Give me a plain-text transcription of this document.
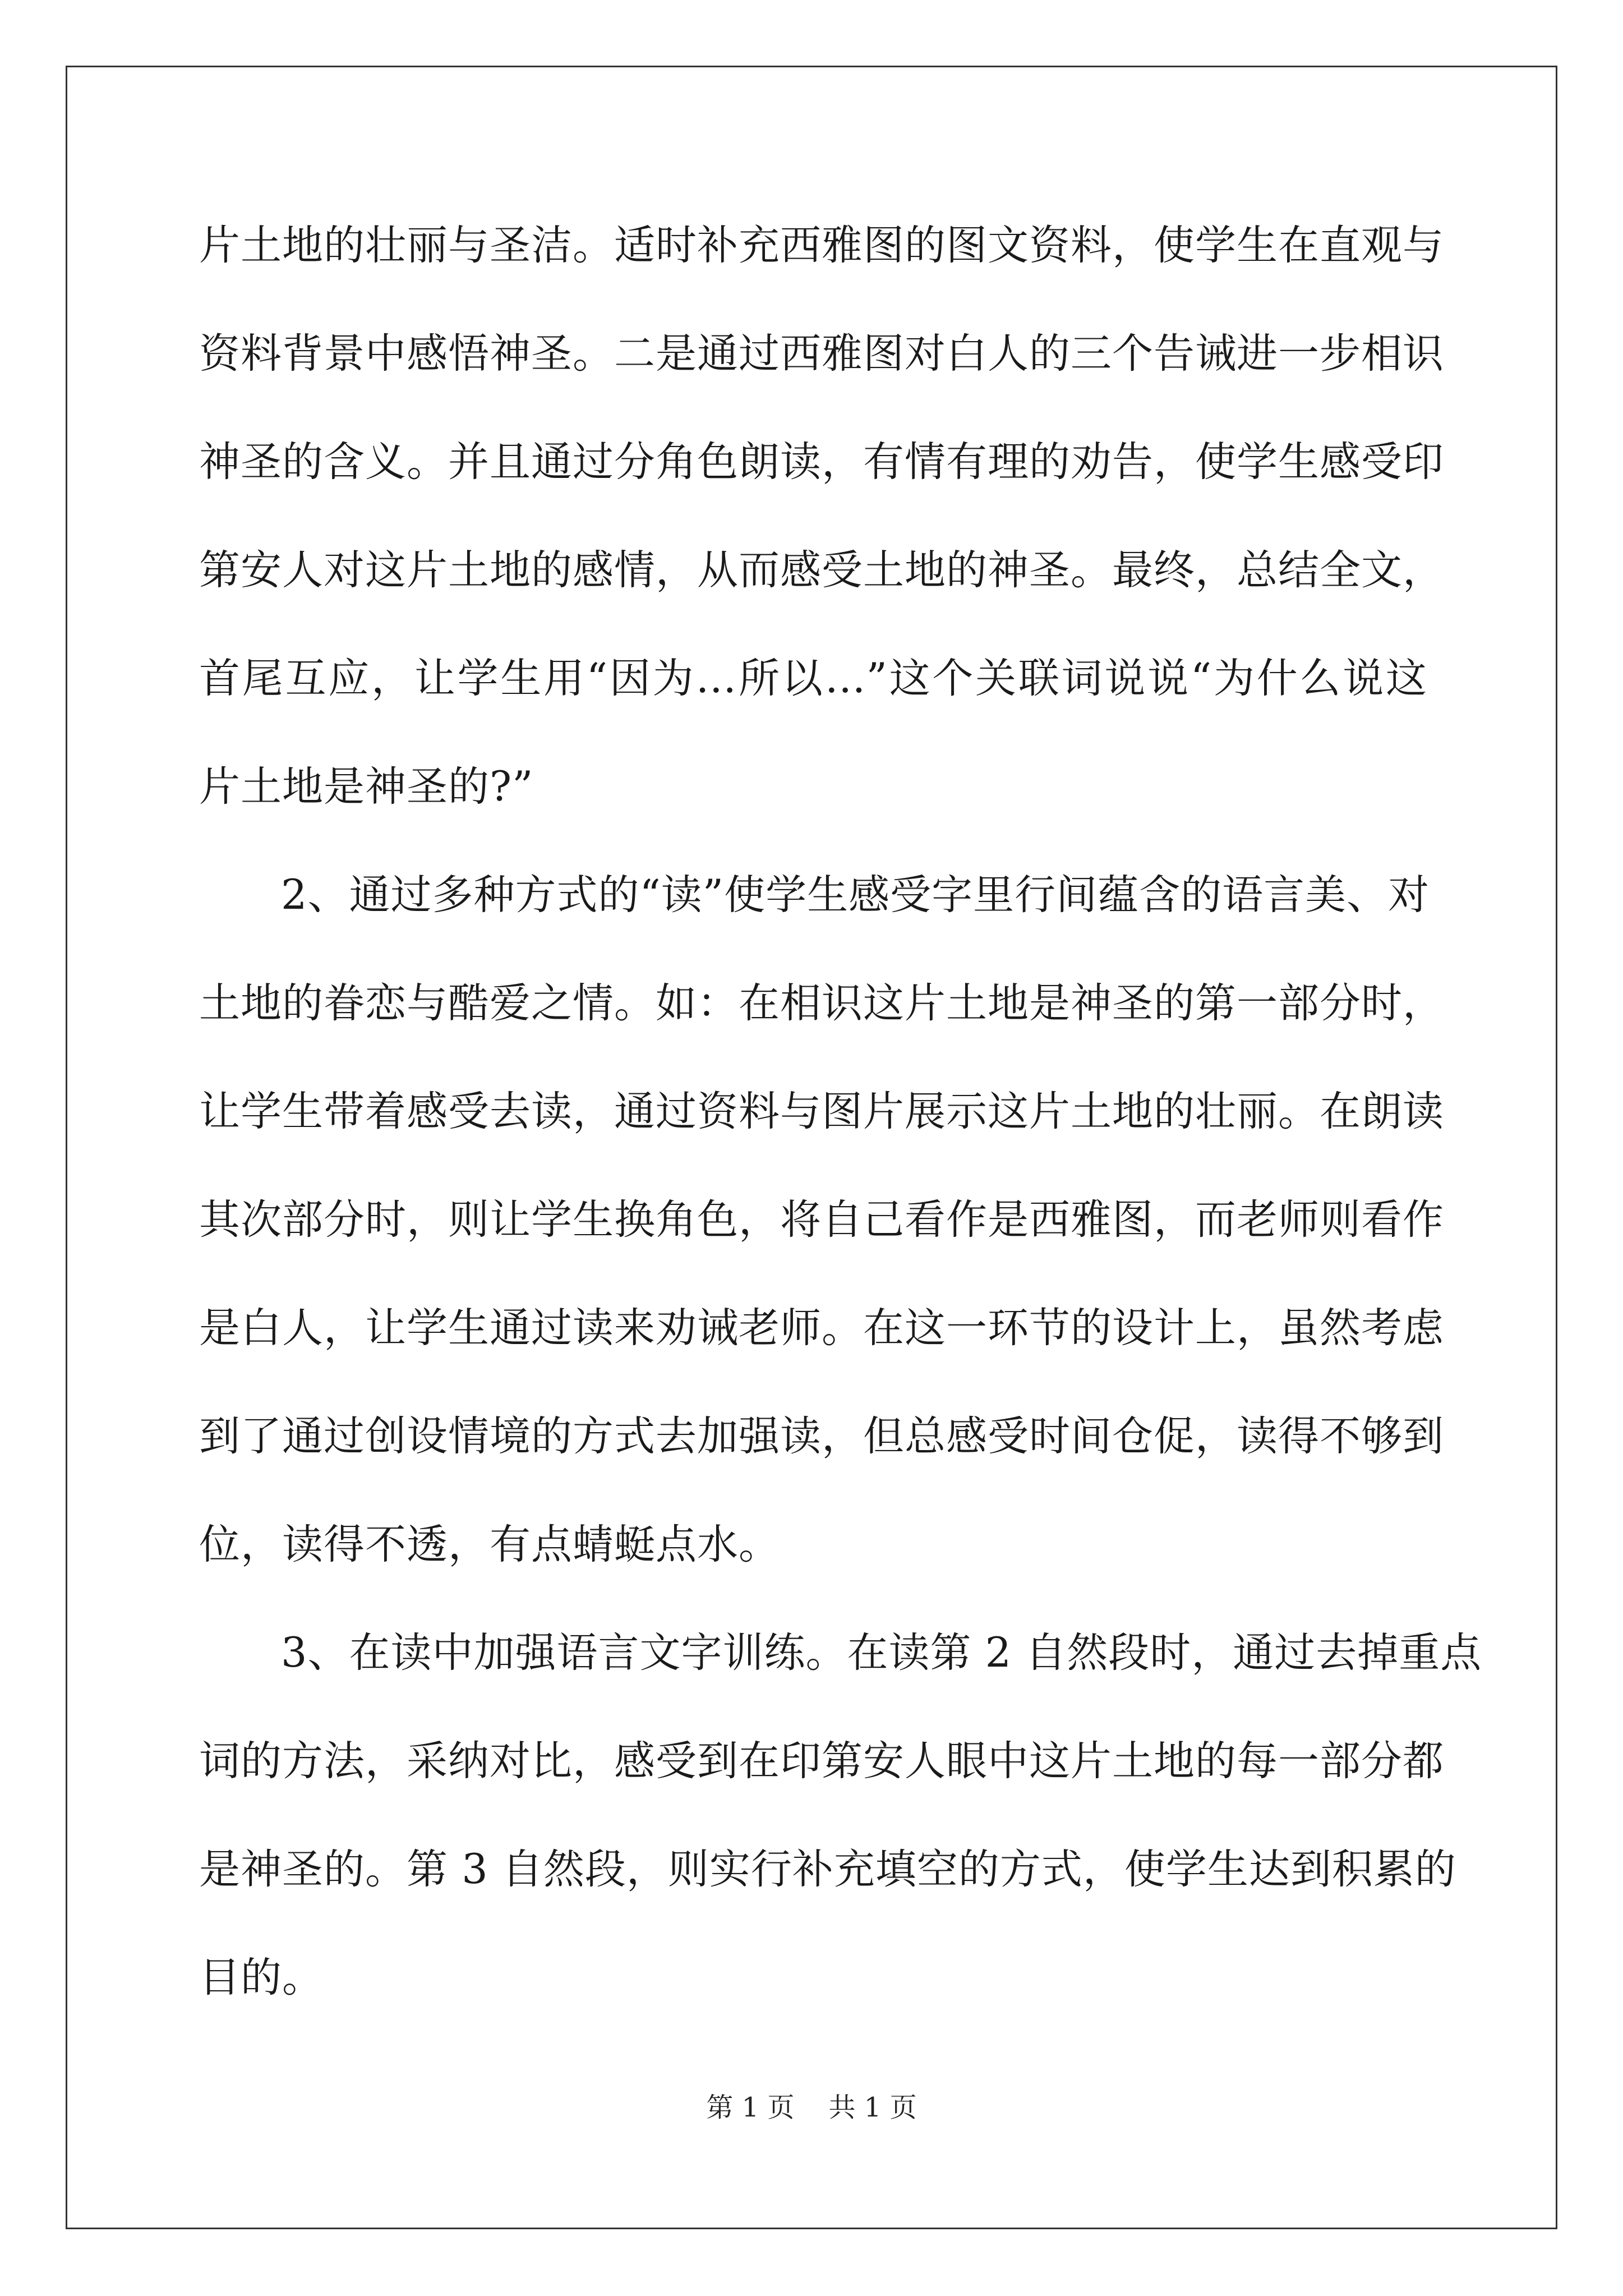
片土地的壮丽与圣洁。适时补充西雅图的图文资料，使学生在直观与
资料背景中感悟神圣。二是通过西雅图对白人的三个告诫进一步相识
神圣的含义。并且通过分角色朗读，有情有理的劝告，使学生感受印
第安人对这片土地的感情，从而感受土地的神圣。最终，总结全文，
首尾互应，让学生用“因为…所以…”这个关联词说说“为什么说这
片土地是神圣的?”
2、通过多种方式的“读”使学生感受字里行间蕴含的语言美、对
土地的眷恋与酷爱之情。如：在相识这片土地是神圣的第一部分时，
让学生带着感受去读，通过资料与图片展示这片土地的壮丽。在朗读
其次部分时，则让学生换角色，将自己看作是西雅图，而老师则看作
是白人，让学生通过读来劝诫老师。在这一环节的设计上，虽然考虑
到了通过创设情境的方式去加强读，但总感受时间仓促，读得不够到
位，读得不透，有点蜻蜓点水。
3、在读中加强语言文字训练。在读第 2 自然段时，通过去掉重点
词的方法，采纳对比，感受到在印第安人眼中这片土地的每一部分都
是神圣的。第 3 自然段，则实行补充填空的方式，使学生达到积累的
目的。
第 1 页 共 1 页
